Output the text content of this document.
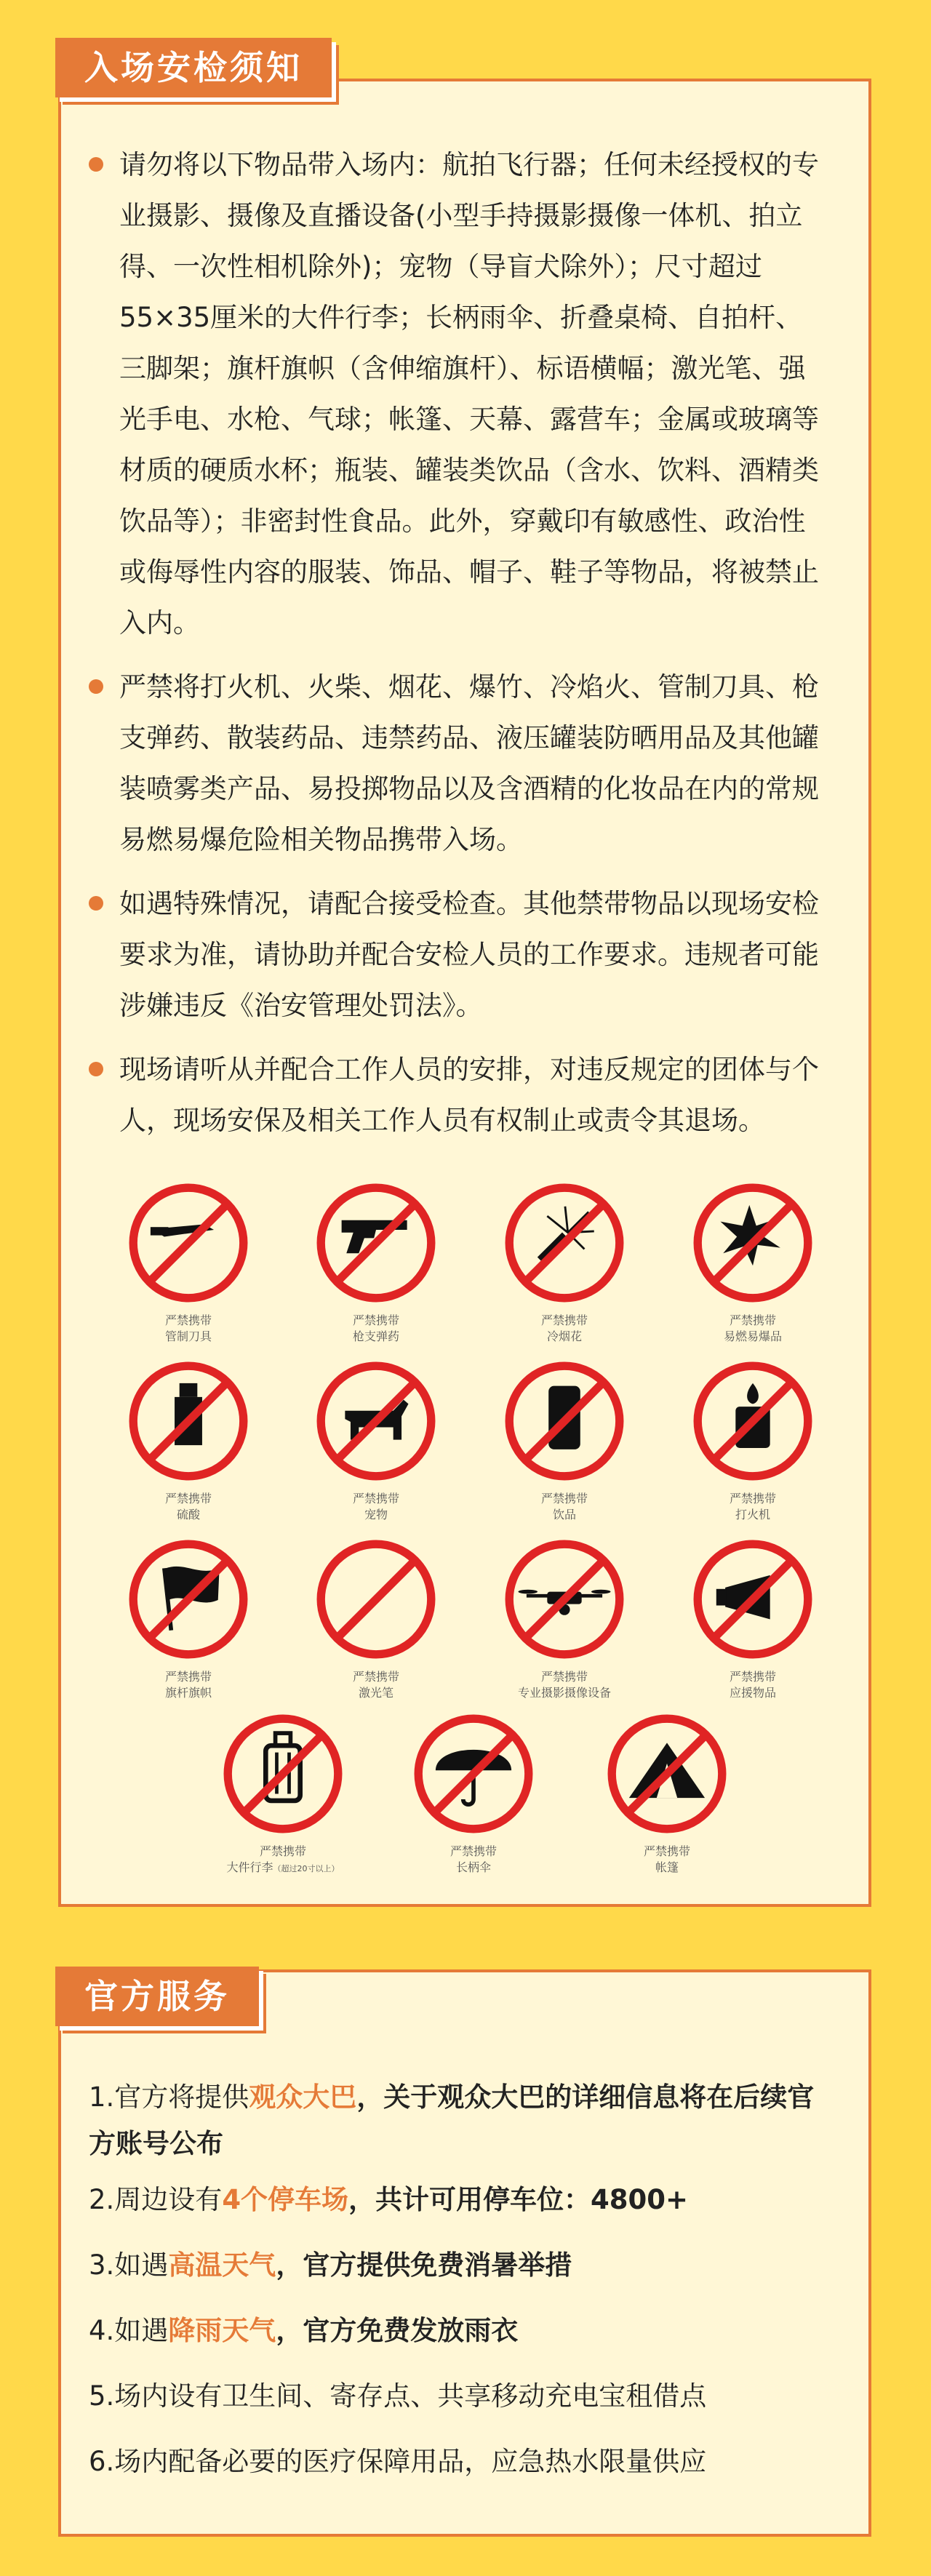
请勿将以下物品带入场内：航拍飞行器；任何未经授权的专业摄影、摄像及直播设备(小型手持摄影摄像一体机、拍立得、一次性相机除外)；宠物（导盲犬除外）；尺寸超过55×35厘米的大件行李；长柄雨伞、折叠桌椅、自拍杆、三脚架；旗杆旗帜（含伸缩旗杆）、标语横幅；激光笔、强光手电、水枪、气球；帐篷、天幕、露营车；金属或玻璃等材质的硬质水杯；瓶装、罐装类饮品（含水、饮料、酒精类饮品等）；非密封性食品。此外，穿戴印有敏感性、政治性或侮辱性内容的服装、饰品、帽子、鞋子等物品，将被禁止入内。
严禁将打火机、火柴、烟花、爆竹、冷焰火、管制刀具、枪支弹药、散装药品、违禁药品、液压罐装防晒用品及其他罐装喷雾类产品、易投掷物品以及含酒精的化妆品在内的常规易燃易爆危险相关物品携带入场。
如遇特殊情况，请配合接受检查。其他禁带物品以现场安检要求为准，请协助并配合安检人员的工作要求。违规者可能涉嫌违反《治安管理处罚法》。
现场请听从并配合工作人员的安排，对违反规定的团体与个人，现场安保及相关工作人员有权制止或责令其退场。
严禁携带
管制刀具
严禁携带
枪支弹药
严禁携带
冷烟花
严禁携带
易燃易爆品
严禁携带
硫酸
严禁携带
宠物
严禁携带
饮品
严禁携带
打火机
严禁携带
旗杆旗帜
严禁携带
激光笔
严禁携带
专业摄影摄像设备
严禁携带
应援物品
严禁携带
大件行李（超过20寸以上）
严禁携带
长柄伞
严禁携带
帐篷
入场安检须知
1.官方将提供观众大巴，关于观众大巴的详细信息将在后续官方账号公布
2.周边设有4个停车场，共计可用停车位：4800+
3.如遇高温天气，官方提供免费消暑举措
4.如遇降雨天气，官方免费发放雨衣
5.场内设有卫生间、寄存点、共享移动充电宝租借点
6.场内配备必要的医疗保障用品，应急热水限量供应
官方服务
